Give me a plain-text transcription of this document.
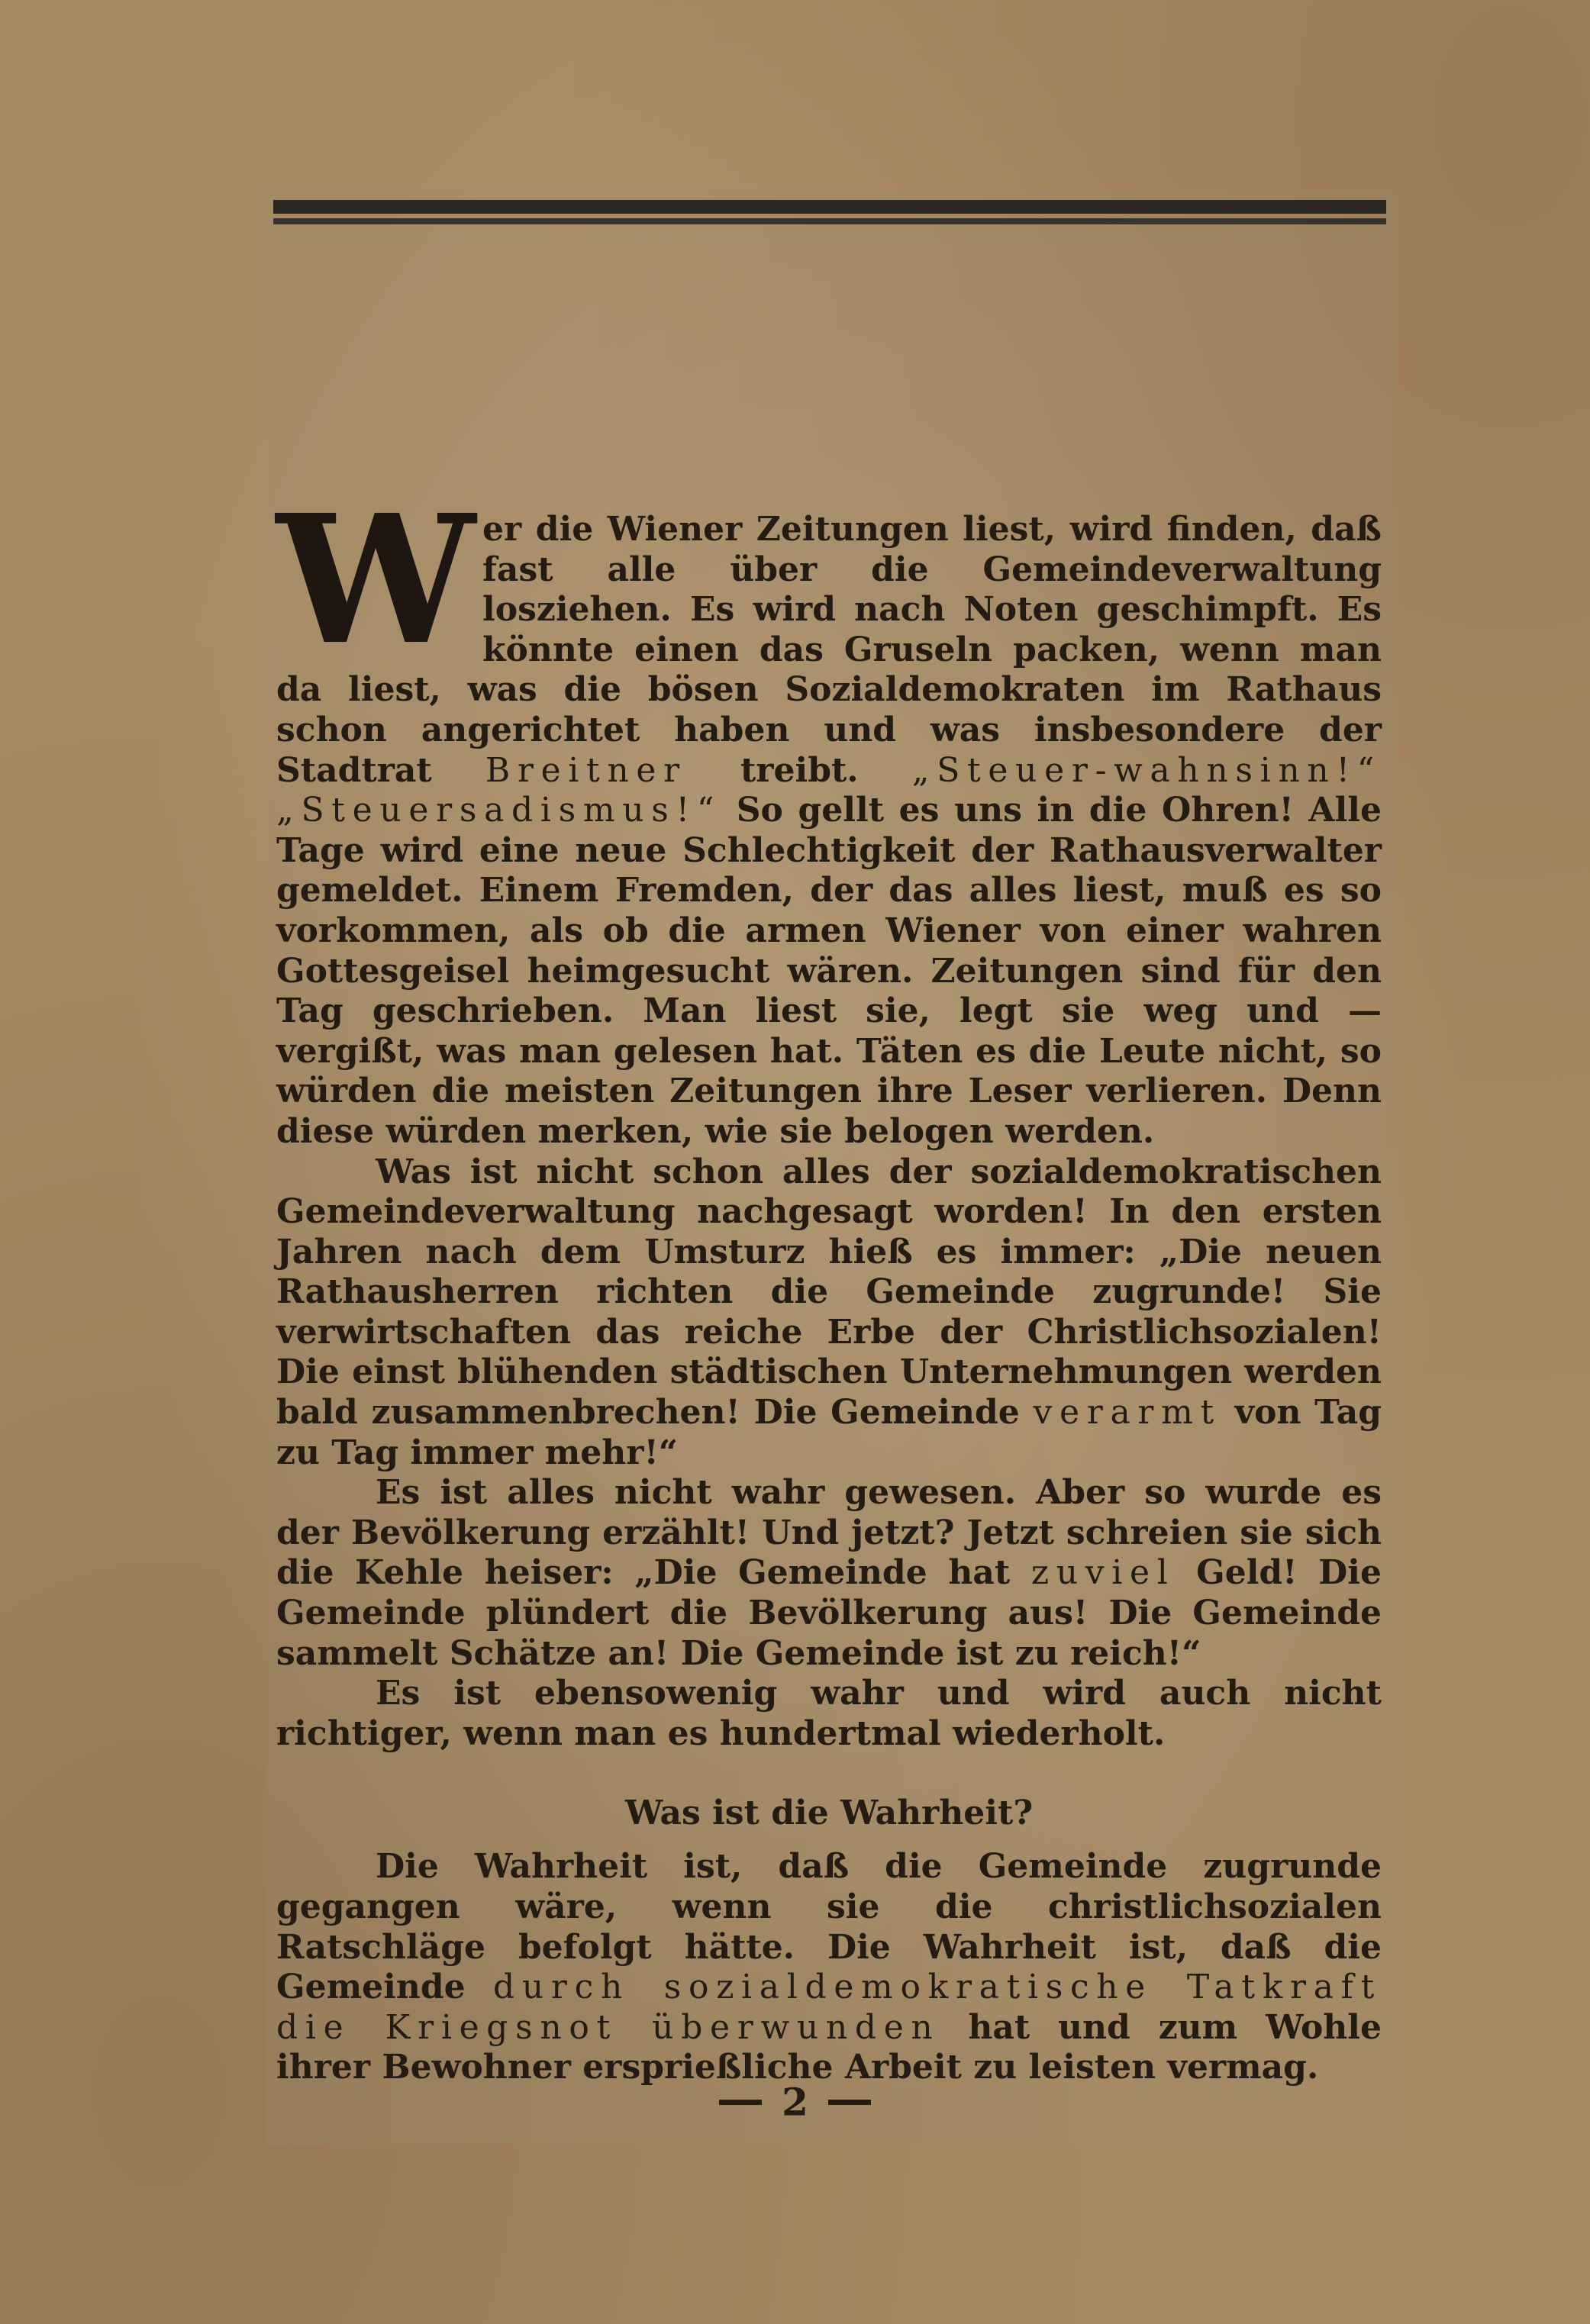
Wer die Wiener Zeitungen liest, wird finden, daß fast alle über die Gemeindeverwaltung losziehen. Es wird nach Noten geschimpft. Es könnte einen das Gruseln packen, wenn man da liest, was die bösen Sozialdemokraten im Rathaus schon angerichtet haben und was insbesondere der Stadtrat Breitner treibt. „Steuer-wahnsinn!“ „Steuersadismus!“ So gellt es uns in die Ohren! Alle Tage wird eine neue Schlechtigkeit der Rathausverwalter gemeldet. Einem Fremden, der das alles liest, muß es so vorkommen, als ob die armen Wiener von einer wahren Gottesgeisel heimgesucht wären. Zeitungen sind für den Tag geschrieben. Man liest sie, legt sie weg und — vergißt, was man gelesen hat. Täten es die Leute nicht, so würden die meisten Zeitungen ihre Leser verlieren. Denn diese würden merken, wie sie belogen werden.

Was ist nicht schon alles der sozialdemokratischen Gemeindeverwaltung nachgesagt worden! In den ersten Jahren nach dem Umsturz hieß es immer: „Die neuen Rathausherren richten die Gemeinde zugrunde! Sie verwirtschaften das reiche Erbe der Christlichsozialen! Die einst blühenden städtischen Unternehmungen werden bald zusammenbrechen! Die Gemeinde verarmt von Tag zu Tag immer mehr!“

Es ist alles nicht wahr gewesen. Aber so wurde es der Bevölkerung erzählt! Und jetzt? Jetzt schreien sie sich die Kehle heiser: „Die Gemeinde hat zuviel Geld! Die Gemeinde plündert die Bevölkerung aus! Die Gemeinde sammelt Schätze an! Die Gemeinde ist zu reich!“

Es ist ebensowenig wahr und wird auch nicht richtiger, wenn man es hundertmal wiederholt.

Was ist die Wahrheit?

Die Wahrheit ist, daß die Gemeinde zugrunde gegangen wäre, wenn sie die christlichsozialen Ratschläge befolgt hätte. Die Wahrheit ist, daß die Gemeinde durch sozialdemokratische Tatkraft die Kriegsnot überwunden hat und zum Wohle ihrer Bewohner ersprießliche Arbeit zu leisten vermag.

2
